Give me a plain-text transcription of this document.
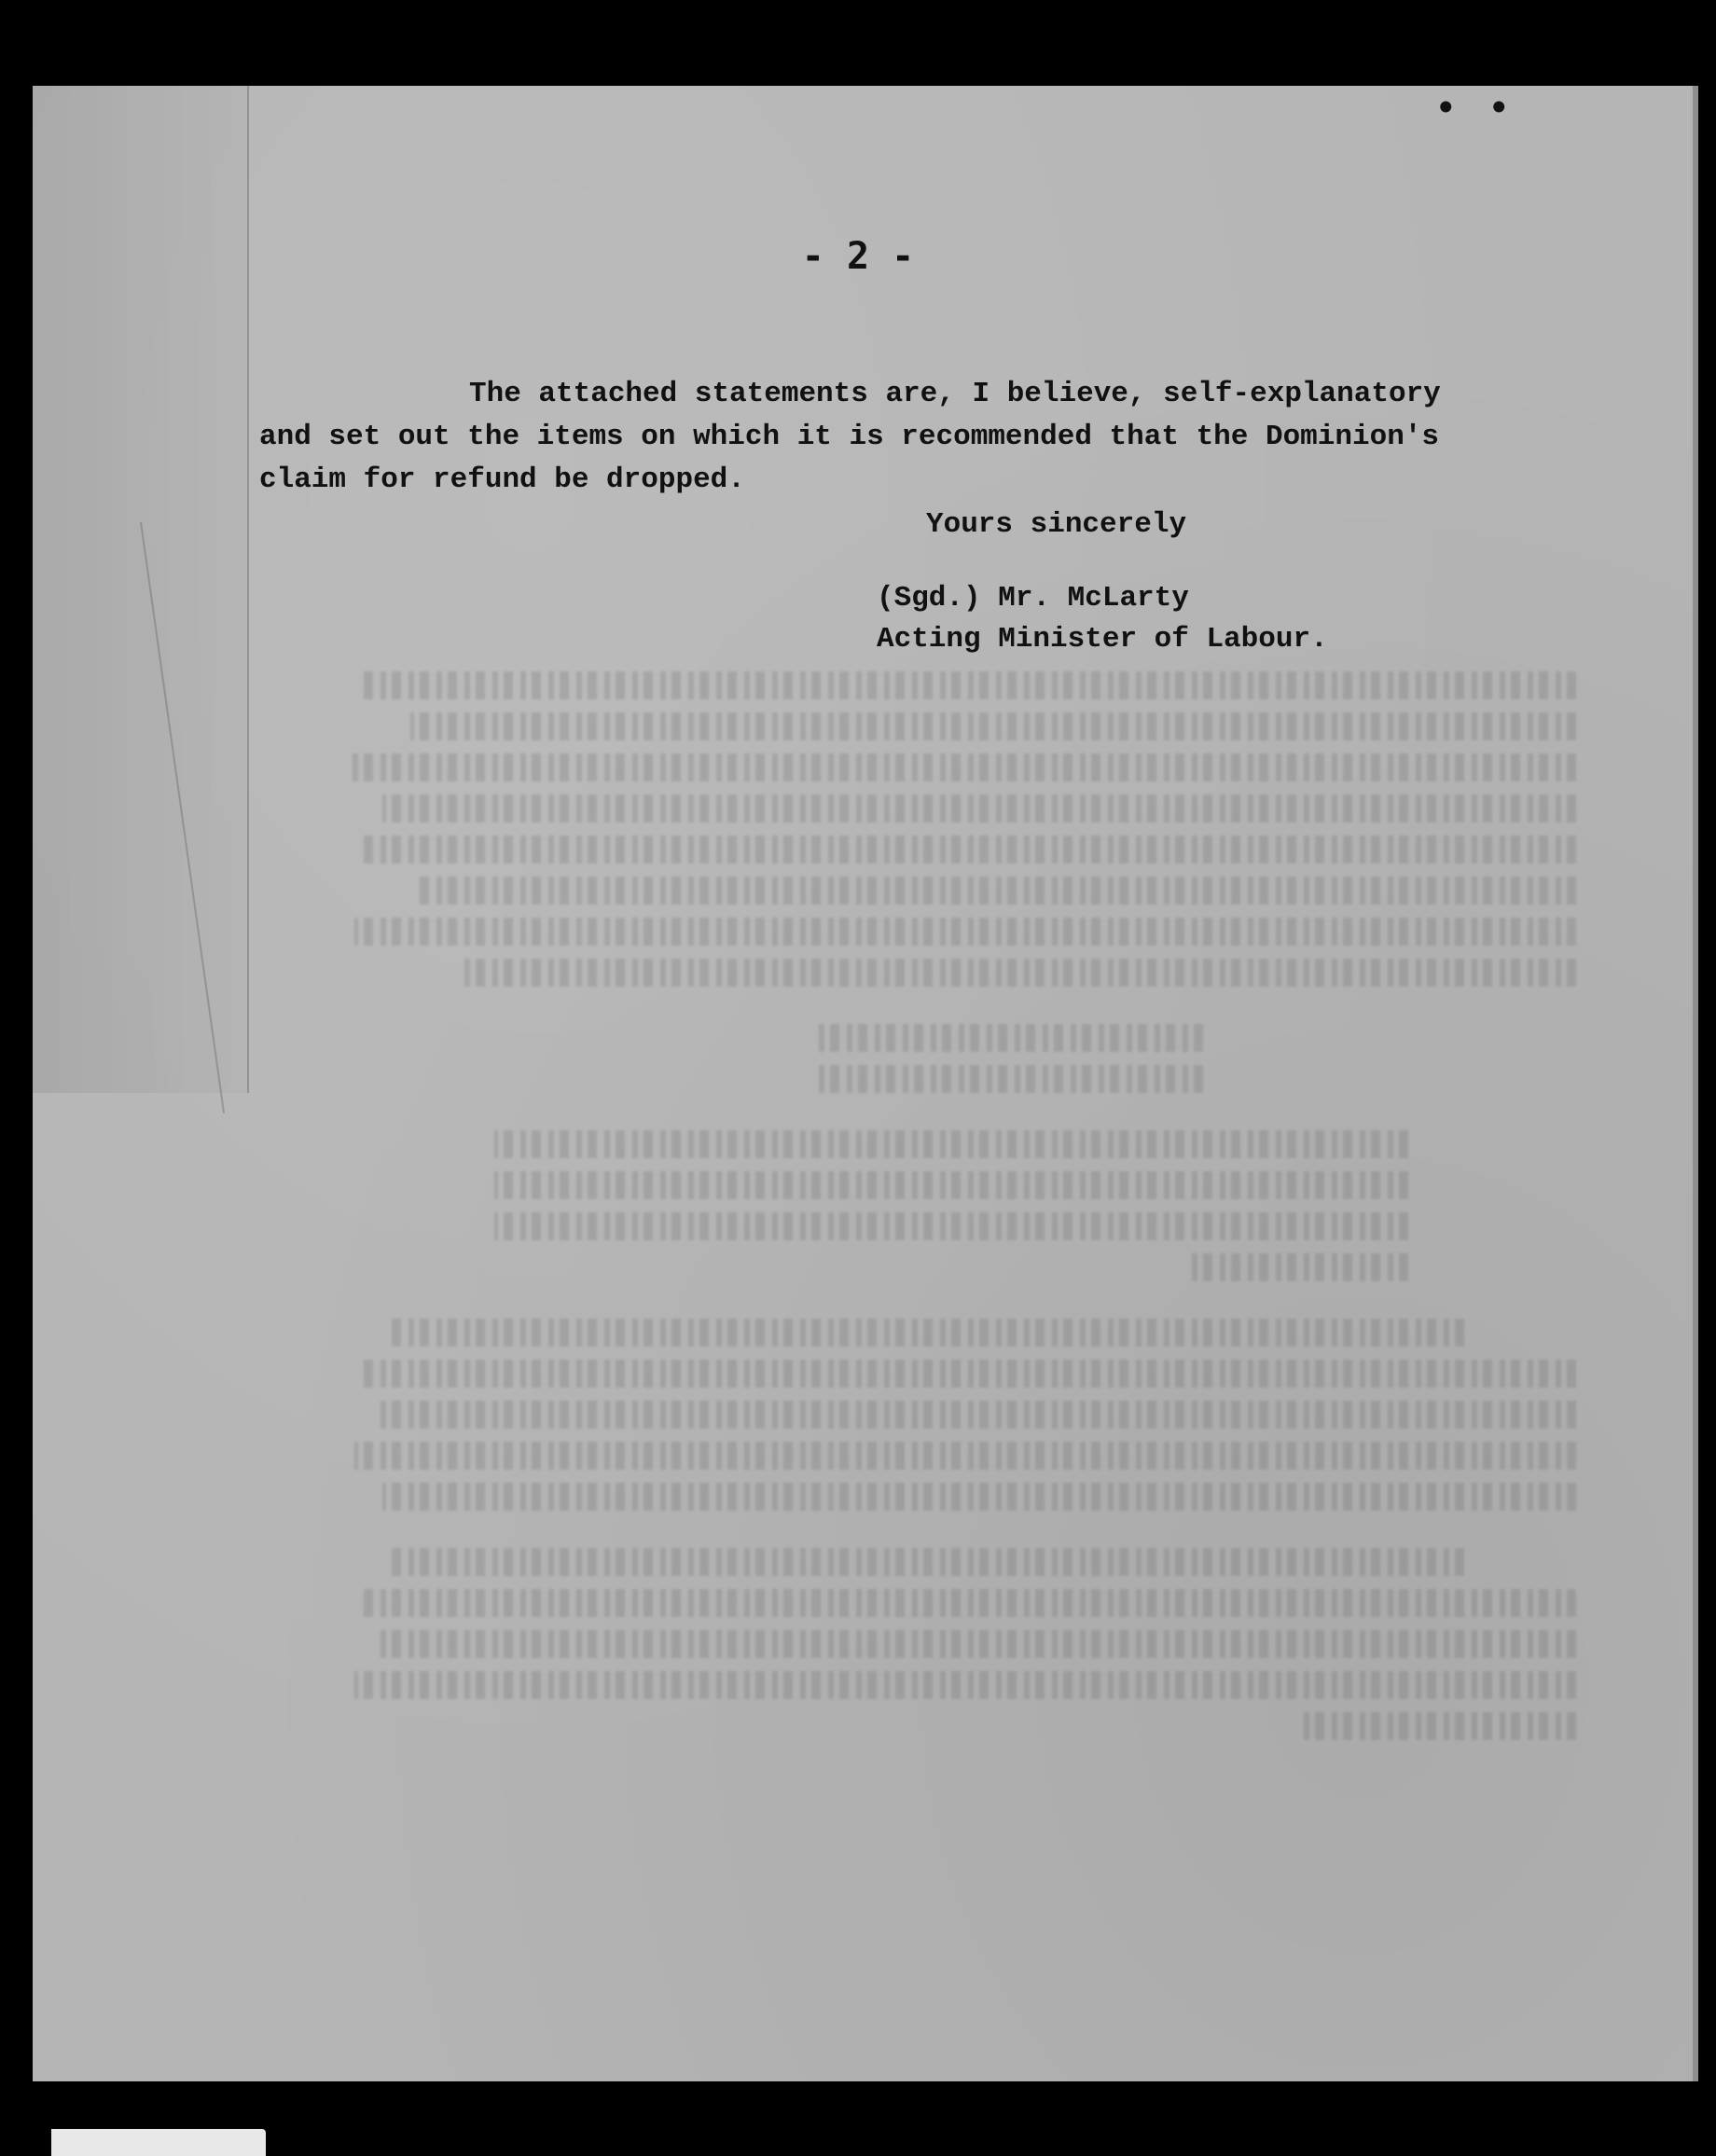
• •
- 2 -
The attached statements are, I believe, self-explanatory
and set out the items on which it is recommended that the Dominion's
claim for refund be dropped.
Yours sincerely
(Sgd.) Mr. McLarty
Acting Minister of Labour.
